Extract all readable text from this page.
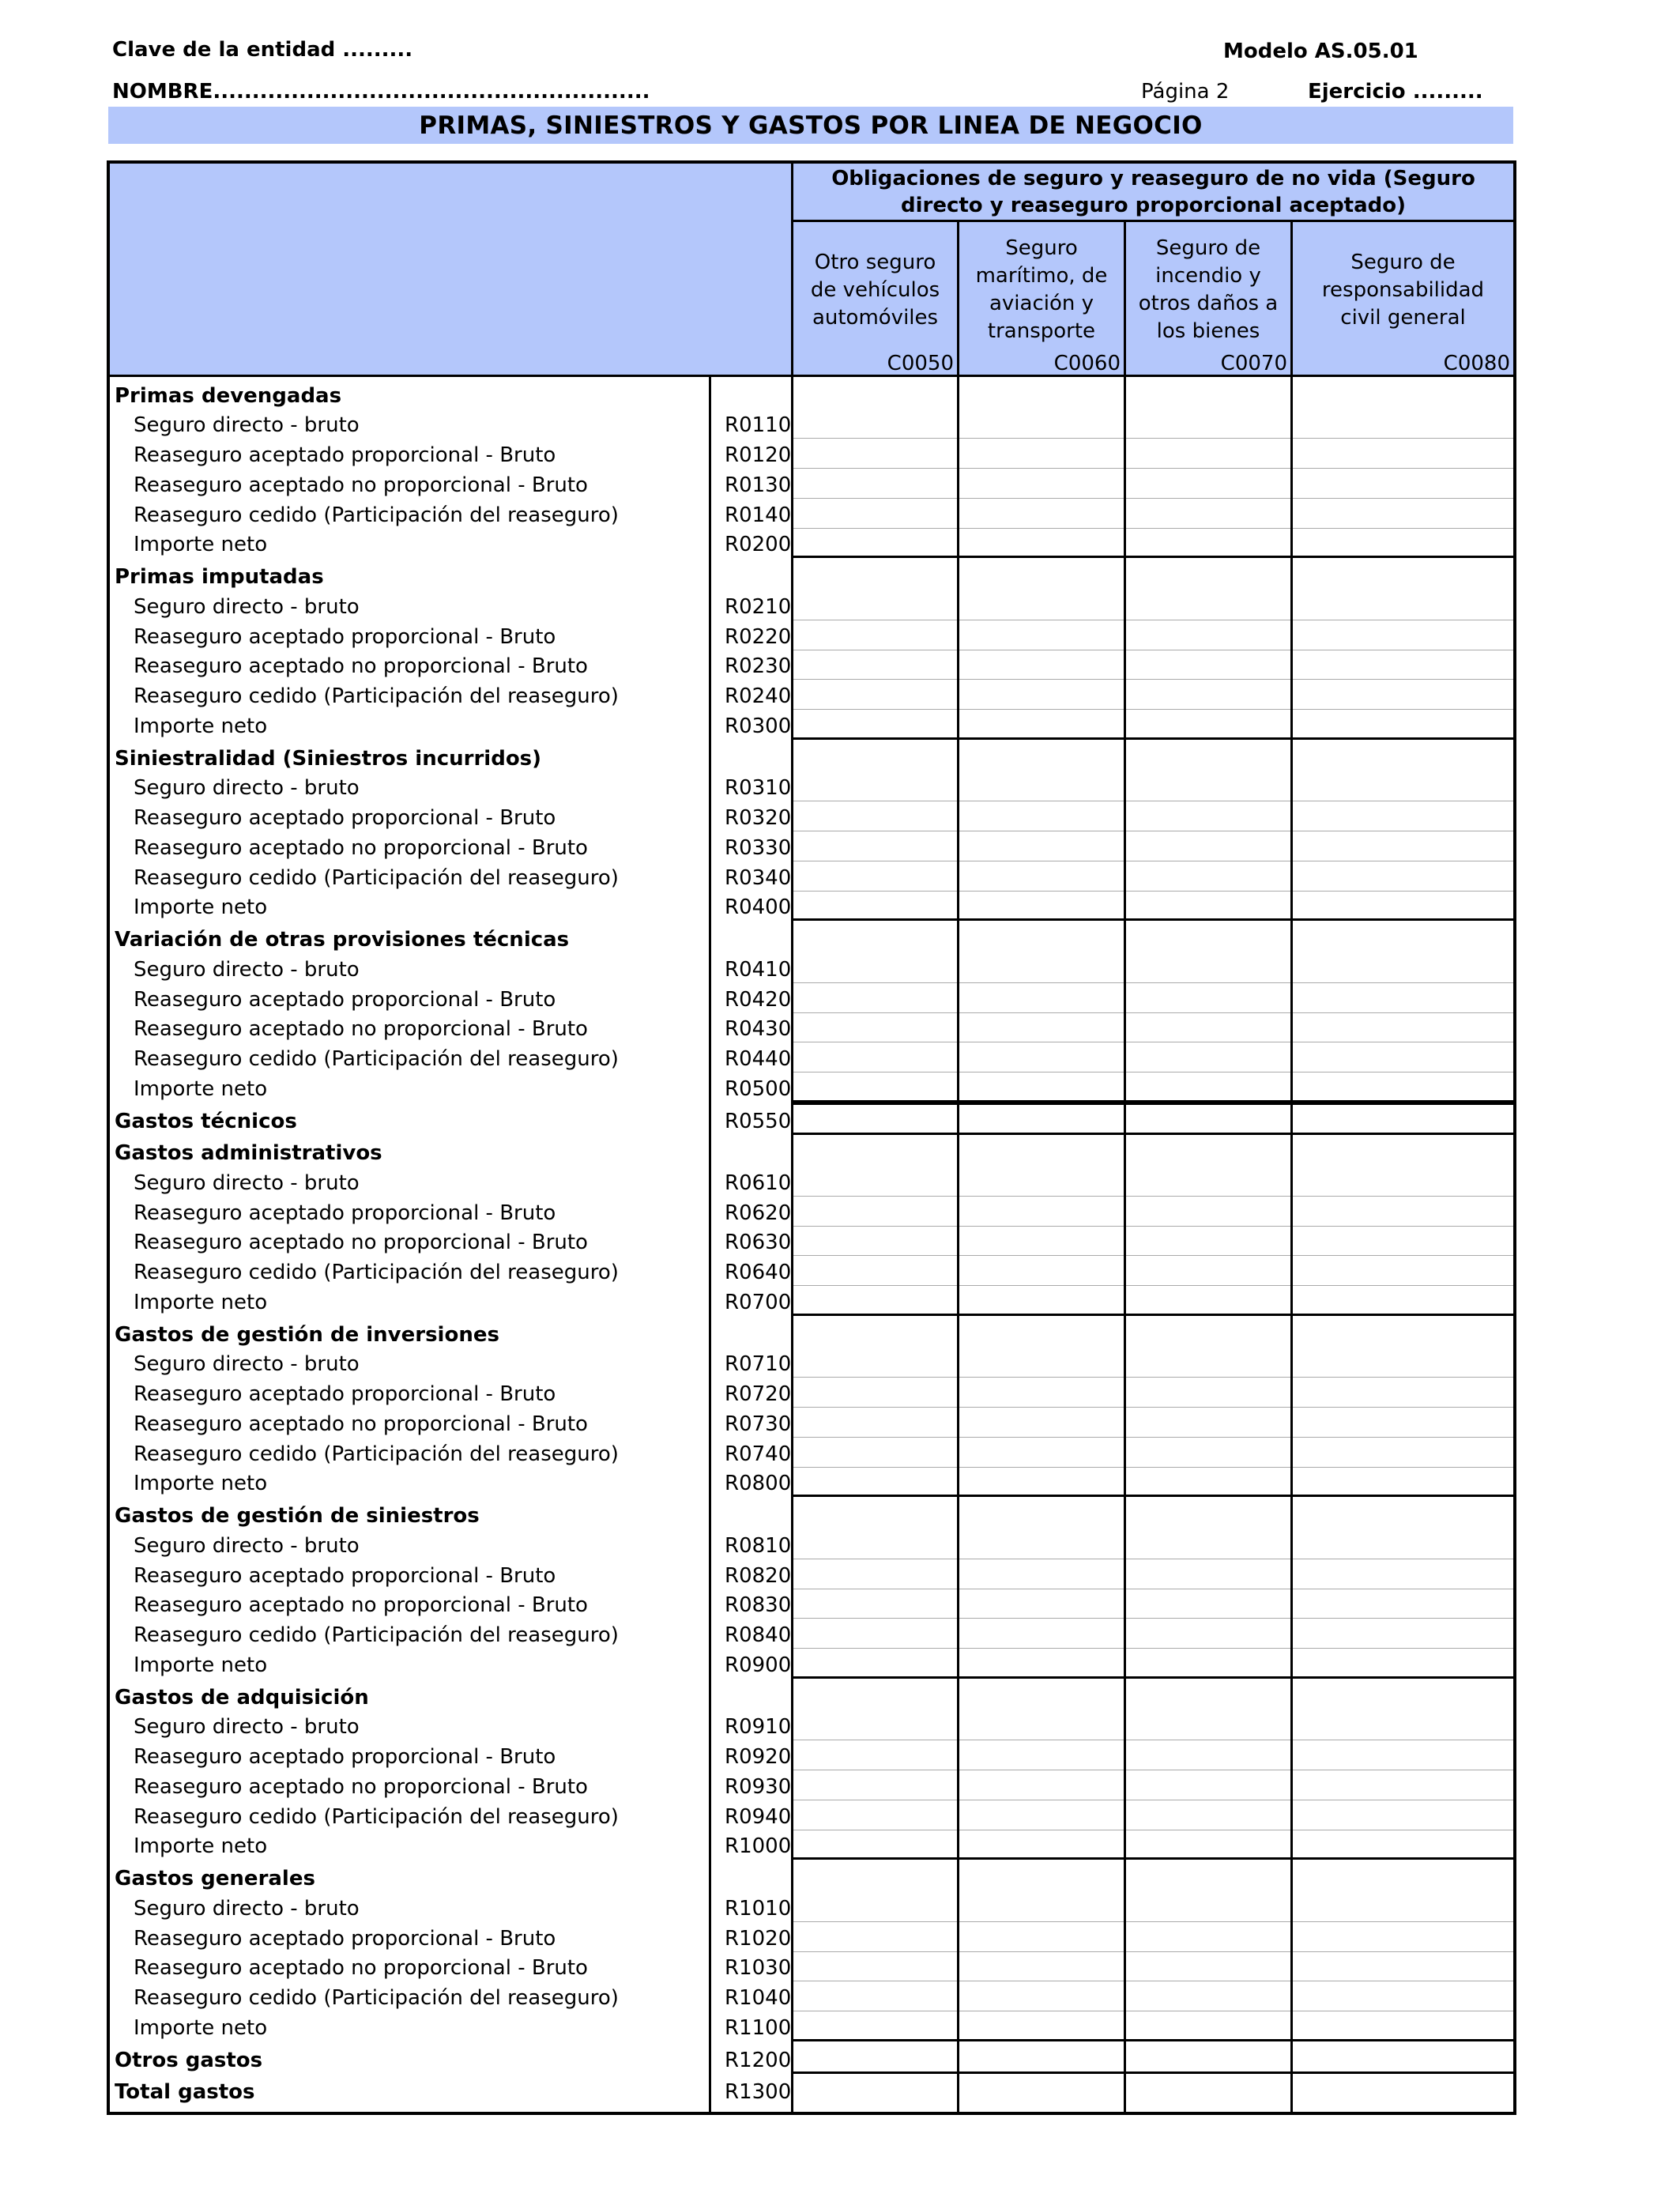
Clave de la entidad .........	Modelo AS.05.01
NOMBRE........................................................	Página 2	Ejercicio .........
PRIMAS, SINIESTROS Y GASTOS POR LINEA DE NEGOCIO
Obligaciones de seguro y reaseguro de no vida (Seguro directo y reaseguro proporcional aceptado)
Otro seguro de vehículos automóviles
C0050
Seguro marítimo, de aviación y transporte
C0060
Seguro de incendio y otros daños a los bienes
C0070
Seguro de responsabilidad civil general
C0080
Primas devengadas
Seguro directo - bruto	R0110
Reaseguro aceptado proporcional - Bruto	R0120
Reaseguro aceptado no proporcional - Bruto	R0130
Reaseguro cedido (Participación del reaseguro)	R0140
Importe neto	R0200
Primas imputadas
Seguro directo - bruto	R0210
Reaseguro aceptado proporcional - Bruto	R0220
Reaseguro aceptado no proporcional - Bruto	R0230
Reaseguro cedido (Participación del reaseguro)	R0240
Importe neto	R0300
Siniestralidad (Siniestros incurridos)
Seguro directo - bruto	R0310
Reaseguro aceptado proporcional - Bruto	R0320
Reaseguro aceptado no proporcional - Bruto	R0330
Reaseguro cedido (Participación del reaseguro)	R0340
Importe neto	R0400
Variación de otras provisiones técnicas
Seguro directo - bruto	R0410
Reaseguro aceptado proporcional - Bruto	R0420
Reaseguro aceptado no proporcional - Bruto	R0430
Reaseguro cedido (Participación del reaseguro)	R0440
Importe neto	R0500
Gastos técnicos	R0550
Gastos administrativos
Seguro directo - bruto	R0610
Reaseguro aceptado proporcional - Bruto	R0620
Reaseguro aceptado no proporcional - Bruto	R0630
Reaseguro cedido (Participación del reaseguro)	R0640
Importe neto	R0700
Gastos de gestión de inversiones
Seguro directo - bruto	R0710
Reaseguro aceptado proporcional - Bruto	R0720
Reaseguro aceptado no proporcional - Bruto	R0730
Reaseguro cedido (Participación del reaseguro)	R0740
Importe neto	R0800
Gastos de gestión de siniestros
Seguro directo - bruto	R0810
Reaseguro aceptado proporcional - Bruto	R0820
Reaseguro aceptado no proporcional - Bruto	R0830
Reaseguro cedido (Participación del reaseguro)	R0840
Importe neto	R0900
Gastos de adquisición
Seguro directo - bruto	R0910
Reaseguro aceptado proporcional - Bruto	R0920
Reaseguro aceptado no proporcional - Bruto	R0930
Reaseguro cedido (Participación del reaseguro)	R0940
Importe neto	R1000
Gastos generales
Seguro directo - bruto	R1010
Reaseguro aceptado proporcional - Bruto	R1020
Reaseguro aceptado no proporcional - Bruto	R1030
Reaseguro cedido (Participación del reaseguro)	R1040
Importe neto	R1100
Otros gastos	R1200
Total gastos	R1300
